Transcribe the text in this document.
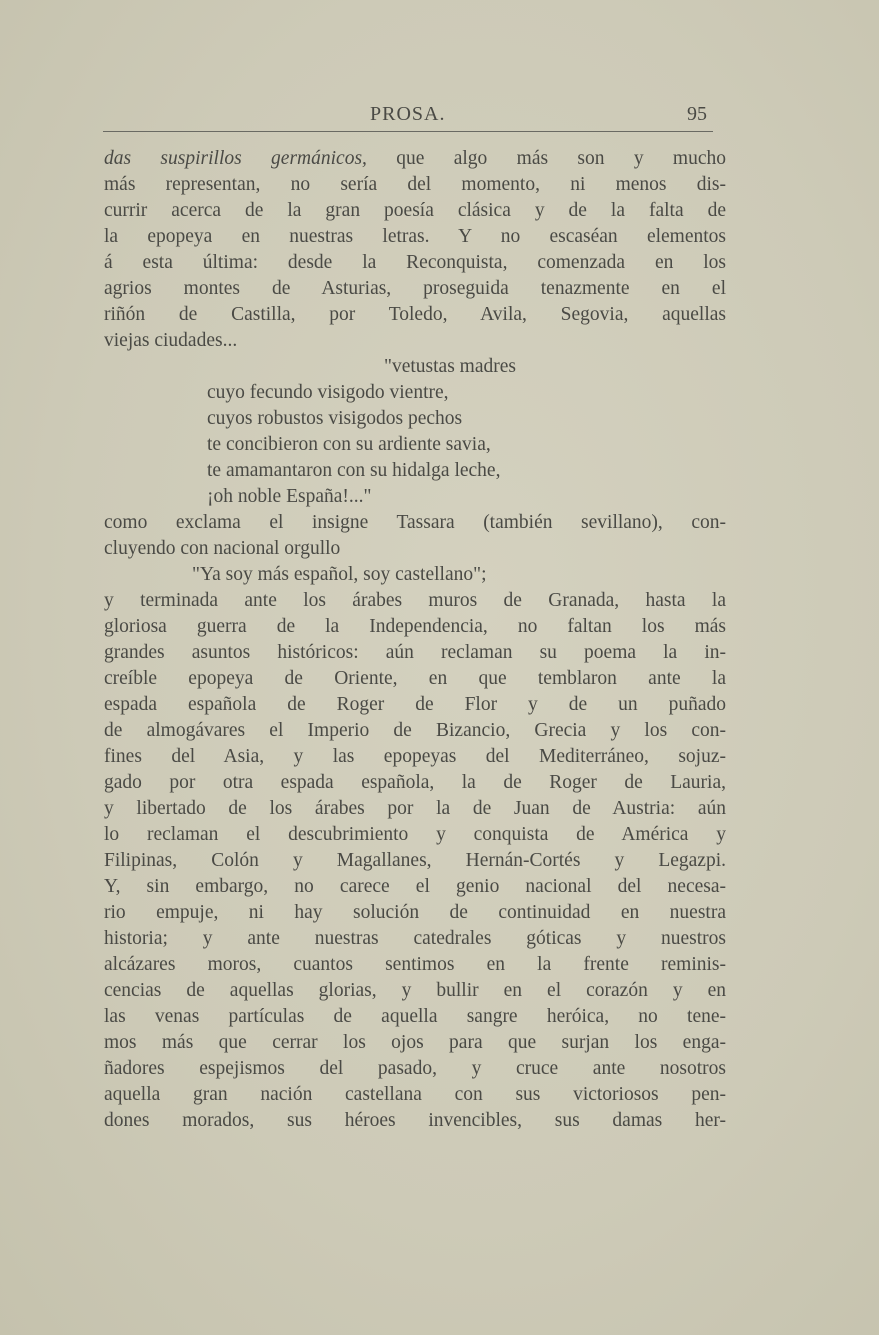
PROSA.	95
das suspirillos germánicos, que algo más son y mucho
más representan, no sería del momento, ni menos dis-
currir acerca de la gran poesía clásica y de la falta de
la epopeya en nuestras letras. Y no escaséan elementos
á esta última: desde la Reconquista, comenzada en los
agrios montes de Asturias, proseguida tenazmente en el
riñón de Castilla, por Toledo, Avila, Segovia, aquellas
viejas ciudades...
"vetustas madres
cuyo fecundo visigodo vientre,
cuyos robustos visigodos pechos
te concibieron con su ardiente savia,
te amamantaron con su hidalga leche,
¡oh noble España!..."
como exclama el insigne Tassara (también sevillano), con-
cluyendo con nacional orgullo
"Ya soy más español, soy castellano";
y terminada ante los árabes muros de Granada, hasta la
gloriosa guerra de la Independencia, no faltan los más
grandes asuntos históricos: aún reclaman su poema la in-
creíble epopeya de Oriente, en que temblaron ante la
espada española de Roger de Flor y de un puñado
de almogávares el Imperio de Bizancio, Grecia y los con-
fines del Asia, y las epopeyas del Mediterráneo, sojuz-
gado por otra espada española, la de Roger de Lauria,
y libertado de los árabes por la de Juan de Austria: aún
lo reclaman el descubrimiento y conquista de América y
Filipinas, Colón y Magallanes, Hernán-Cortés y Legazpi.
Y, sin embargo, no carece el genio nacional del necesa-
rio empuje, ni hay solución de continuidad en nuestra
historia; y ante nuestras catedrales góticas y nuestros
alcázares moros, cuantos sentimos en la frente reminis-
cencias de aquellas glorias, y bullir en el corazón y en
las venas partículas de aquella sangre heróica, no tene-
mos más que cerrar los ojos para que surjan los enga-
ñadores espejismos del pasado, y cruce ante nosotros
aquella gran nación castellana con sus victoriosos pen-
dones morados, sus héroes invencibles, sus damas her-
